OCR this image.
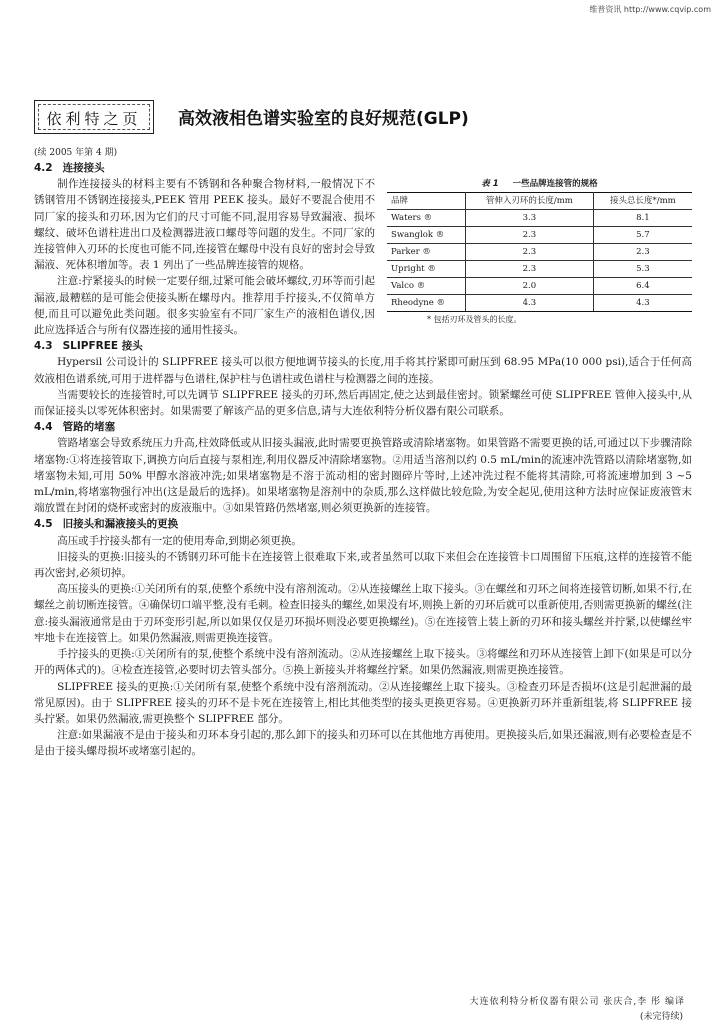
维普资讯 http://www.cqvip.com
依利特之页	高效液相色谱实验室的良好规范(GLP)
(续 2005 年第 4 期)
4.2 连接接头
表 1 一些品牌连接管的规格
品牌	管伸入刃环的长度/mm	接头总长度*/mm
Waters ®	3.3	8.1
Swanglok ®	2.3	5.7
Parker ®	2.3	2.3
Upright ®	2.3	5.3
Valco ®	2.0	6.4
Rheodyne ®	4.3	4.3
* 包括刃环及管头的长度。

制作连接接头的材料主要有不锈钢和各种聚合物材料,一般情况下不锈钢管用不锈钢连接接头,PEEK 管用 PEEK 接头。最好不要混合使用不同厂家的接头和刃环,因为它们的尺寸可能不同,混用容易导致漏液、损坏螺纹、破坏色谱柱进出口及检测器进液口螺母等问题的发生。不同厂家的连接管伸入刃环的长度也可能不同,连接管在螺母中没有良好的密封会导致漏液、死体积增加等。表 1 列出了一些品牌连接管的规格。

注意:拧紧接头的时候一定要仔细,过紧可能会破坏螺纹,刃环等而引起漏液,最糟糕的是可能会使接头断在螺母内。推荐用手拧接头,不仅简单方便,而且可以避免此类问题。很多实验室有不同厂家生产的液相色谱仪,因此应选择适合与所有仪器连接的通用性接头。

4.3 SLIPFREE 接头

Hypersil 公司设计的 SLIPFREE 接头可以很方便地调节接头的长度,用手将其拧紧即可耐压到 68.95 MPa(10 000 psi),适合于任何高效液相色谱系统,可用于进样器与色谱柱,保护柱与色谱柱或色谱柱与检测器之间的连接。

当需要较长的连接管时,可以先调节 SLIPFREE 接头的刃环,然后再固定,使之达到最佳密封。锁紧螺丝可使 SLIPFREE 管伸入接头中,从而保证接头以零死体积密封。如果需要了解该产品的更多信息,请与大连依利特分析仪器有限公司联系。

4.4 管路的堵塞

管路堵塞会导致系统压力升高,柱效降低或从旧接头漏液,此时需要更换管路或清除堵塞物。如果管路不需要更换的话,可通过以下步骤清除堵塞物:①将连接管取下,调换方向后直接与泵相连,利用仪器反冲清除堵塞物。②用适当溶剂以约 0.5 mL/min的流速冲洗管路以清除堵塞物,如堵塞物未知,可用 50% 甲醇水溶液冲洗;如果堵塞物是不溶于流动相的密封圈碎片等时,上述冲洗过程不能将其清除,可将流速增加到 3 ~5 mL/min,将堵塞物强行冲出(这是最后的选择)。如果堵塞物是溶剂中的杂质,那么这样做比较危险,为安全起见,使用这种方法时应保证废液管末端放置在封闭的烧杯或密封的废液瓶中。③如果管路仍然堵塞,则必须更换新的连接管。

4.5 旧接头和漏液接头的更换

高压或手拧接头都有一定的使用寿命,到期必须更换。

旧接头的更换:旧接头的不锈钢刃环可能卡在连接管上很难取下来,或者虽然可以取下来但会在连接管卡口周围留下压痕,这样的连接管不能再次密封,必须切掉。

高压接头的更换:①关闭所有的泵,使整个系统中没有溶剂流动。②从连接螺丝上取下接头。③在螺丝和刃环之间将连接管切断,如果不行,在螺丝之前切断连接管。④确保切口端平整,没有毛刺。检查旧接头的螺丝,如果没有坏,则换上新的刃环后就可以重新使用,否则需更换新的螺丝(注意:接头漏液通常是由于刃环变形引起,所以如果仅仅是刃环损坏则没必要更换螺丝)。⑤在连接管上装上新的刃环和接头螺丝并拧紧,以使螺丝牢牢地卡在连接管上。如果仍然漏液,则需更换连接管。

手拧接头的更换:①关闭所有的泵,使整个系统中没有溶剂流动。②从连接螺丝上取下接头。③将螺丝和刃环从连接管上卸下(如果是可以分开的两体式的)。④检查连接管,必要时切去管头部分。⑤换上新接头并将螺丝拧紧。如果仍然漏液,则需更换连接管。

SLIPFREE 接头的更换:①关闭所有泵,使整个系统中没有溶剂流动。②从连接螺丝上取下接头。③检查刃环是否损坏(这是引起泄漏的最常见原因)。由于 SLIPFREE 接头的刃环不是卡死在连接管上,相比其他类型的接头更换更容易。④更换新刃环并重新组装,将 SLIPFREE 接头拧紧。如果仍然漏液,需更换整个 SLIPFREE 部分。

注意:如果漏液不是由于接头和刃环本身引起的,那么卸下的接头和刃环可以在其他地方再使用。更换接头后,如果还漏液,则有必要检查是不是由于接头螺母损坏或堵塞引起的。

大连依利特分析仪器有限公司 张庆合,李 彤 编译
(未完待续)
